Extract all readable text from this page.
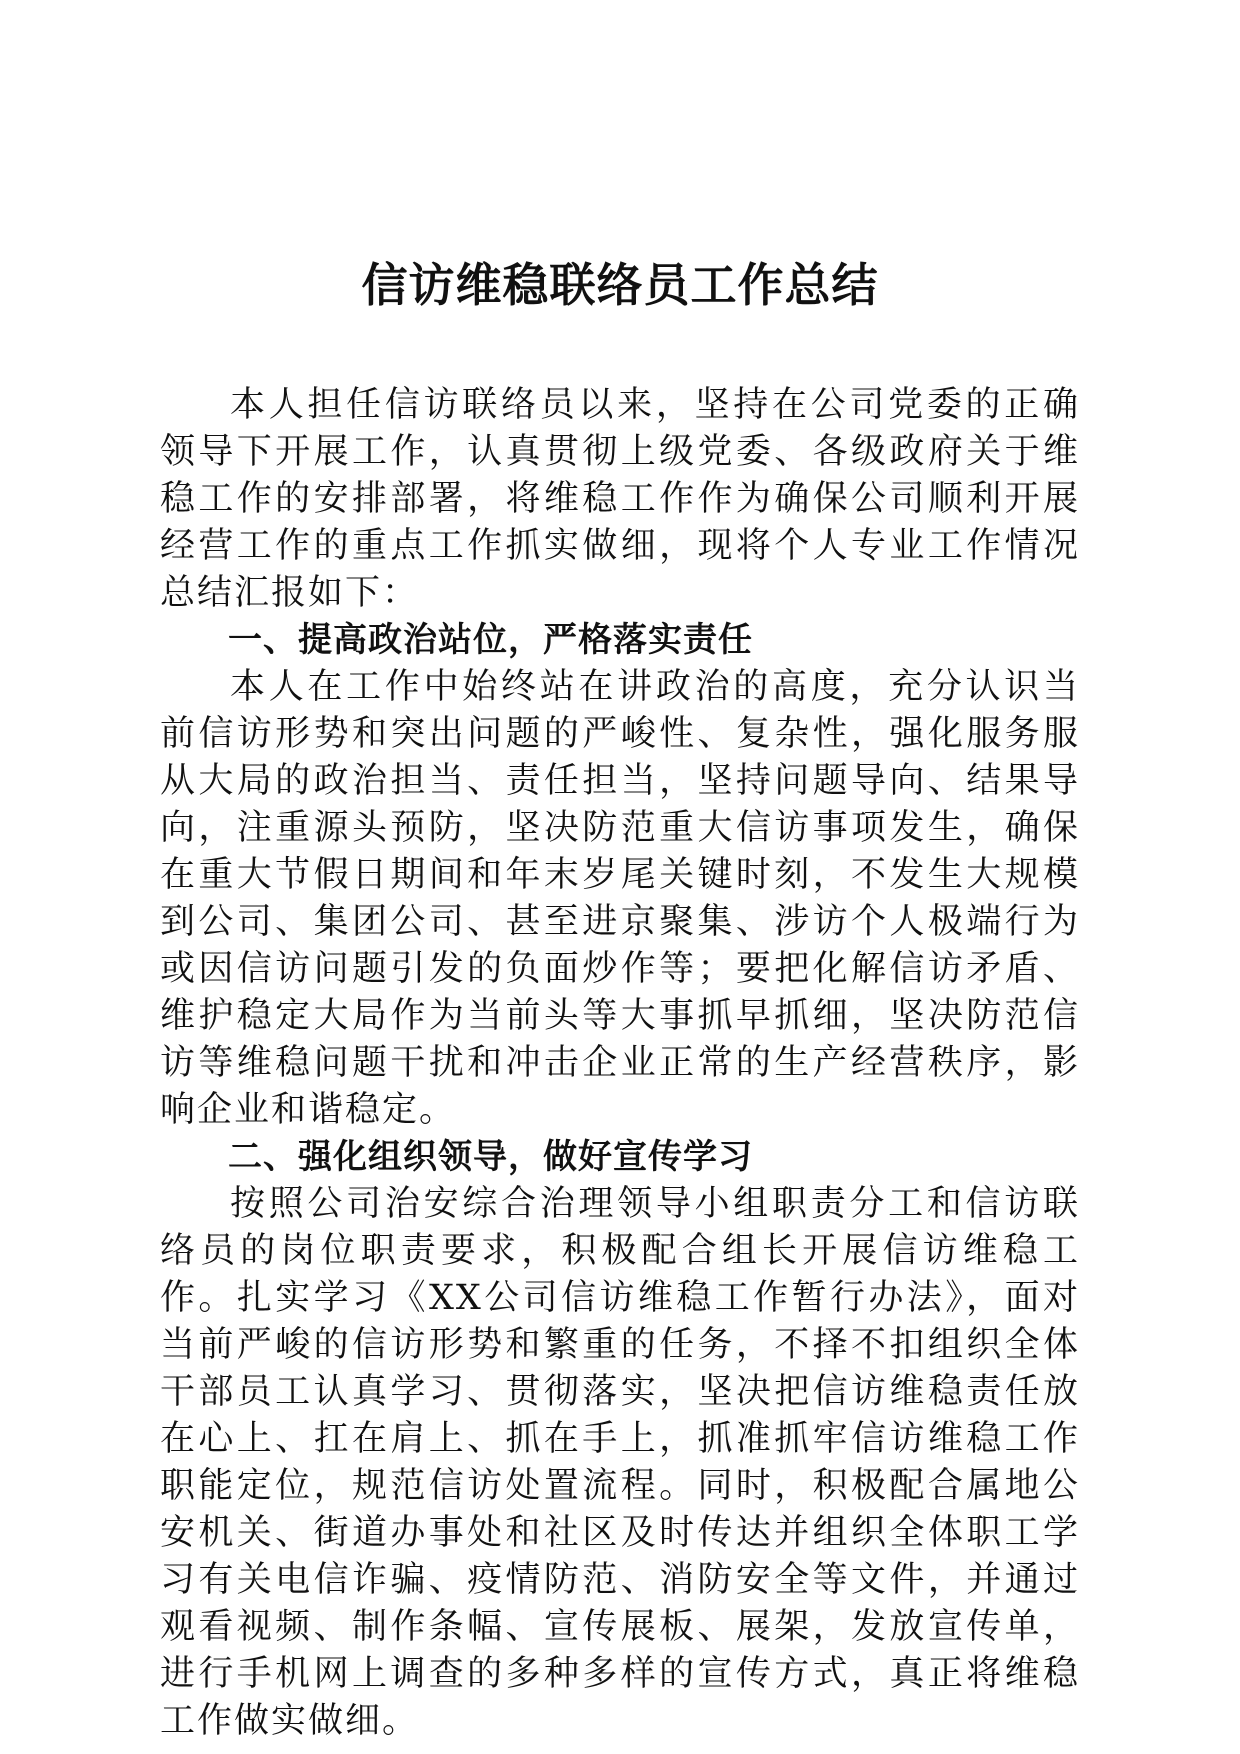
信访维稳联络员工作总结

本人担任信访联络员以来，坚持在公司党委的正确领导下开展工作，认真贯彻上级党委、各级政府关于维稳工作的安排部署，将维稳工作作为确保公司顺利开展经营工作的重点工作抓实做细，现将个人专业工作情况总结汇报如下：

一、提高政治站位，严格落实责任

本人在工作中始终站在讲政治的高度，充分认识当前信访形势和突出问题的严峻性、复杂性，强化服务服从大局的政治担当、责任担当，坚持问题导向、结果导向，注重源头预防，坚决防范重大信访事项发生，确保在重大节假日期间和年末岁尾关键时刻，不发生大规模到公司、集团公司、甚至进京聚集、涉访个人极端行为或因信访问题引发的负面炒作等；要把化解信访矛盾、维护稳定大局作为当前头等大事抓早抓细，坚决防范信访等维稳问题干扰和冲击企业正常的生产经营秩序，影响企业和谐稳定。

二、强化组织领导，做好宣传学习

按照公司治安综合治理领导小组职责分工和信访联络员的岗位职责要求，积极配合组长开展信访维稳工作。扎实学习《XX公司信访维稳工作暂行办法》，面对当前严峻的信访形势和繁重的任务，不择不扣组织全体干部员工认真学习、贯彻落实，坚决把信访维稳责任放在心上、扛在肩上、抓在手上，抓准抓牢信访维稳工作职能定位，规范信访处置流程。同时，积极配合属地公安机关、街道办事处和社区及时传达并组织全体职工学习有关电信诈骗、疫情防范、消防安全等文件，并通过观看视频、制作条幅、宣传展板、展架，发放宣传单，进行手机网上调查的多种多样的宣传方式，真正将维稳工作做实做细。
